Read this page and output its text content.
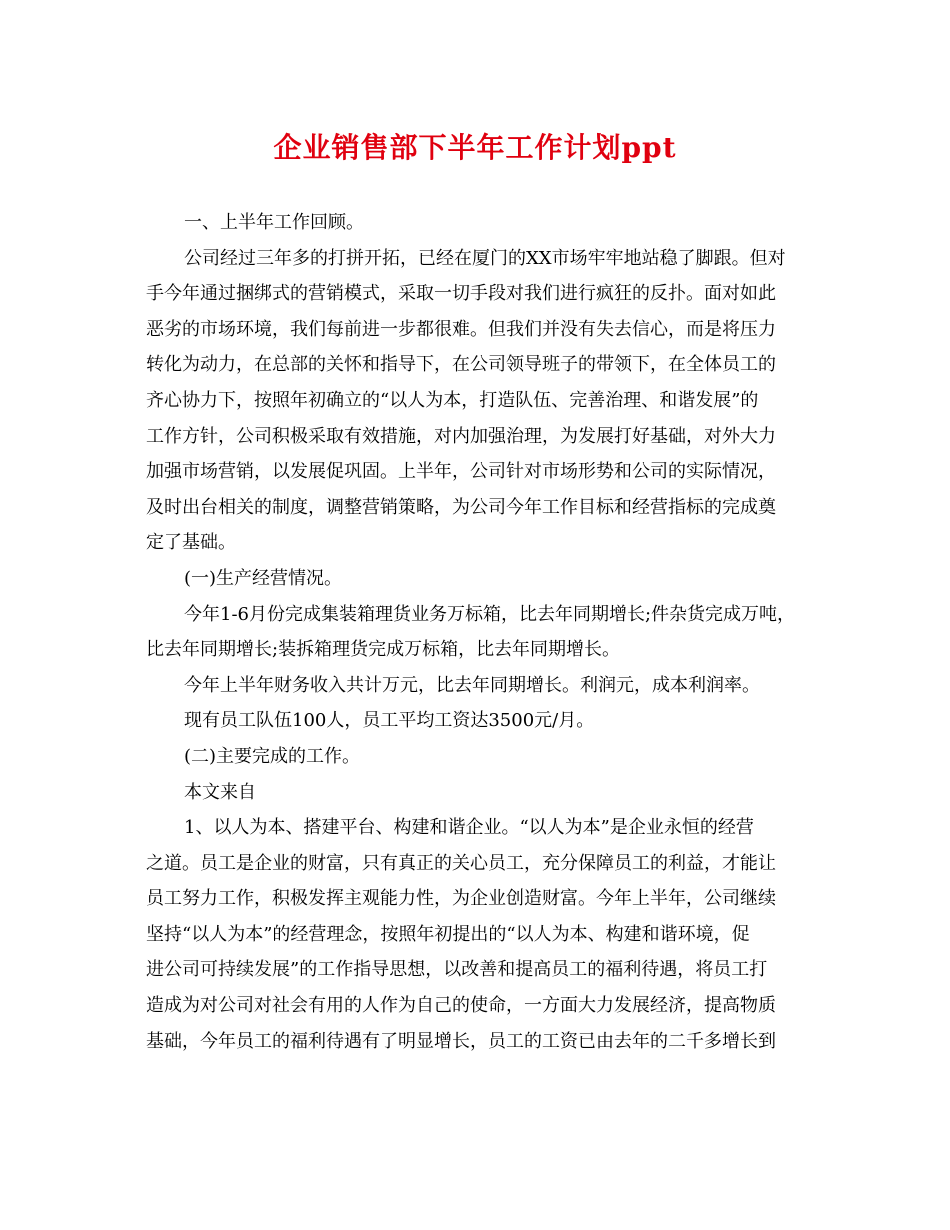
企业销售部下半年工作计划ppt
一、上半年工作回顾。
公司经过三年多的打拼开拓，已经在厦门的XX市场牢牢地站稳了脚跟。但对
手今年通过捆绑式的营销模式，采取一切手段对我们进行疯狂的反扑。面对如此
恶劣的市场环境，我们每前进一步都很难。但我们并没有失去信心，而是将压力
转化为动力，在总部的关怀和指导下，在公司领导班子的带领下，在全体员工的
齐心协力下，按照年初确立的“以人为本，打造队伍、完善治理、和谐发展”的
工作方针，公司积极采取有效措施，对内加强治理，为发展打好基础，对外大力
加强市场营销，以发展促巩固。上半年，公司针对市场形势和公司的实际情况，
及时出台相关的制度，调整营销策略，为公司今年工作目标和经营指标的完成奠
定了基础。
(一)生产经营情况。
今年1-6月份完成集装箱理货业务万标箱，比去年同期增长;件杂货完成万吨，
比去年同期增长;装拆箱理货完成万标箱，比去年同期增长。
今年上半年财务收入共计万元，比去年同期增长。利润元，成本利润率。
现有员工队伍100人，员工平均工资达3500元/月。
(二)主要完成的工作。
本文来自
1、以人为本、搭建平台、构建和谐企业。“以人为本”是企业永恒的经营
之道。员工是企业的财富，只有真正的关心员工，充分保障员工的利益，才能让
员工努力工作，积极发挥主观能力性，为企业创造财富。今年上半年，公司继续
坚持“以人为本”的经营理念，按照年初提出的“以人为本、构建和谐环境，促
进公司可持续发展”的工作指导思想，以改善和提高员工的福利待遇，将员工打
造成为对公司对社会有用的人作为自己的使命，一方面大力发展经济，提高物质
基础，今年员工的福利待遇有了明显增长，员工的工资已由去年的二千多增长到
